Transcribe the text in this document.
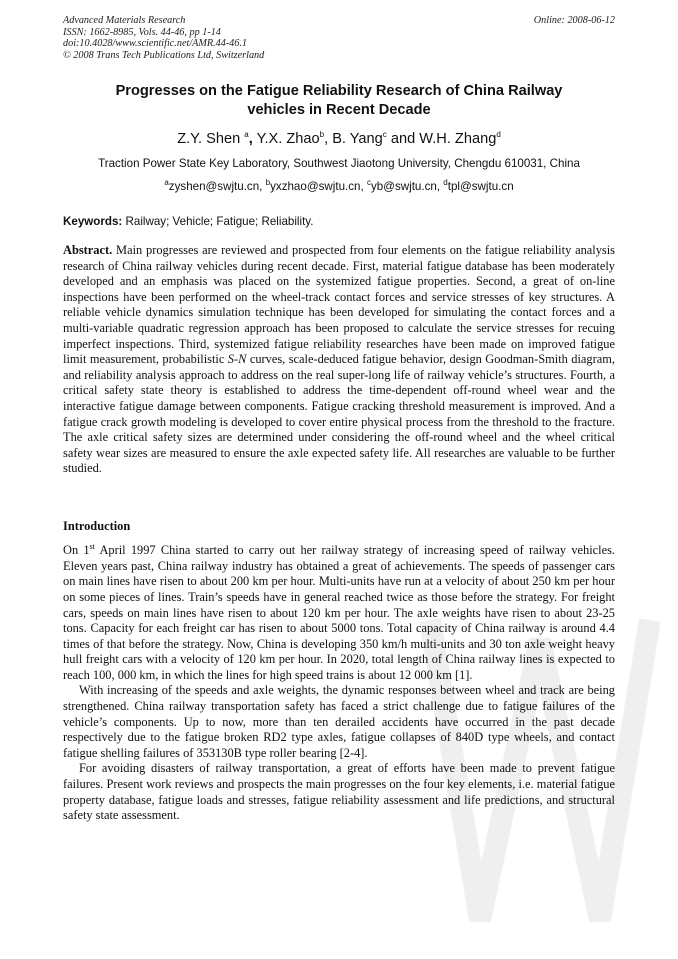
Advanced Materials Research
ISSN: 1662-8985, Vols. 44-46, pp 1-14
doi:10.4028/www.scientific.net/AMR.44-46.1
© 2008 Trans Tech Publications Ltd, Switzerland
Online: 2008-06-12
Progresses on the Fatigue Reliability Research of China Railway
vehicles in Recent Decade
Z.Y. Shen $^a$, Y.X. Zhao$^b$, B. Yang$^c$ and W.H. Zhang$^d$
Traction Power State Key Laboratory, Southwest Jiaotong University, Chengdu 610031, China
$^a$zyshen@swjtu.cn, $^b$yxzhao@swjtu.cn, $^c$yb@swjtu.cn, $^d$tpl@swjtu.cn
Keywords: Railway; Vehicle; Fatigue; Reliability.
Abstract. Main progresses are reviewed and prospected from four elements on the fatigue reliability analysis research of China railway vehicles during recent decade. First, material fatigue database has been moderately developed and an emphasis was placed on the systemized fatigue properties. Second, a great of on-line inspections have been performed on the wheel-track contact forces and service stresses of key structures. A reliable vehicle dynamics simulation technique has been developed for simulating the contact forces and a multi-variable quadratic regression approach has been proposed to calculate the service stresses for recuing imperfect inspections. Third, systemized fatigue reliability researches have been made on improved fatigue limit measurement, probabilistic S-N curves, scale-deduced fatigue behavior, design Goodman-Smith diagram, and reliability analysis approach to address on the real super-long life of railway vehicle’s structures. Fourth, a critical safety state theory is established to address the time-dependent off-round wheel wear and the interactive fatigue damage between components. Fatigue cracking threshold measurement is improved. And a fatigue crack growth modeling is developed to cover entire physical process from the threshold to the fracture. The axle critical safety sizes are determined under considering the off-round wheel and the wheel critical safety wear sizes are measured to ensure the axle expected safety life. All researches are valuable to be further studied.
Introduction

On 1st April 1997 China started to carry out her railway strategy of increasing speed of railway vehicles. Eleven years past, China railway industry has obtained a great of achievements. The speeds of passenger cars on main lines have risen to about 200 km per hour. Multi-units have run at a velocity of about 250 km per hour on some pieces of lines. Train’s speeds have in general reached twice as those before the strategy. For freight cars, speeds on main lines have risen to about 120 km per hour. The axle weights have risen to about 23-25 tons. Capacity for each freight car has risen to about 5000 tons. Total capacity of China railway is around 4.4 times of that before the strategy. Now, China is developing 350 km/h multi-units and 30 ton axle weight heavy hull freight cars with a velocity of 120 km per hour. In 2020, total length of China railway lines is expected to reach 100, 000 km, in which the lines for high speed trains is about 12 000 km [1].

With increasing of the speeds and axle weights, the dynamic responses between wheel and track are being strengthened. China railway transportation safety has faced a strict challenge due to fatigue failures of the vehicle’s components. Up to now, more than ten derailed accidents have occurred in the past decade respectively due to the fatigue broken RD2 type axles, fatigue collapses of 840D type wheels, and contact fatigue shelling failures of 353130B type roller bearing [2-4].

For avoiding disasters of railway transportation, a great of efforts have been made to prevent fatigue failures. Present work reviews and prospects the main progresses on the four key elements, i.e. material fatigue property database, fatigue loads and stresses, fatigue reliability assessment and life predictions, and structural safety state assessment.
